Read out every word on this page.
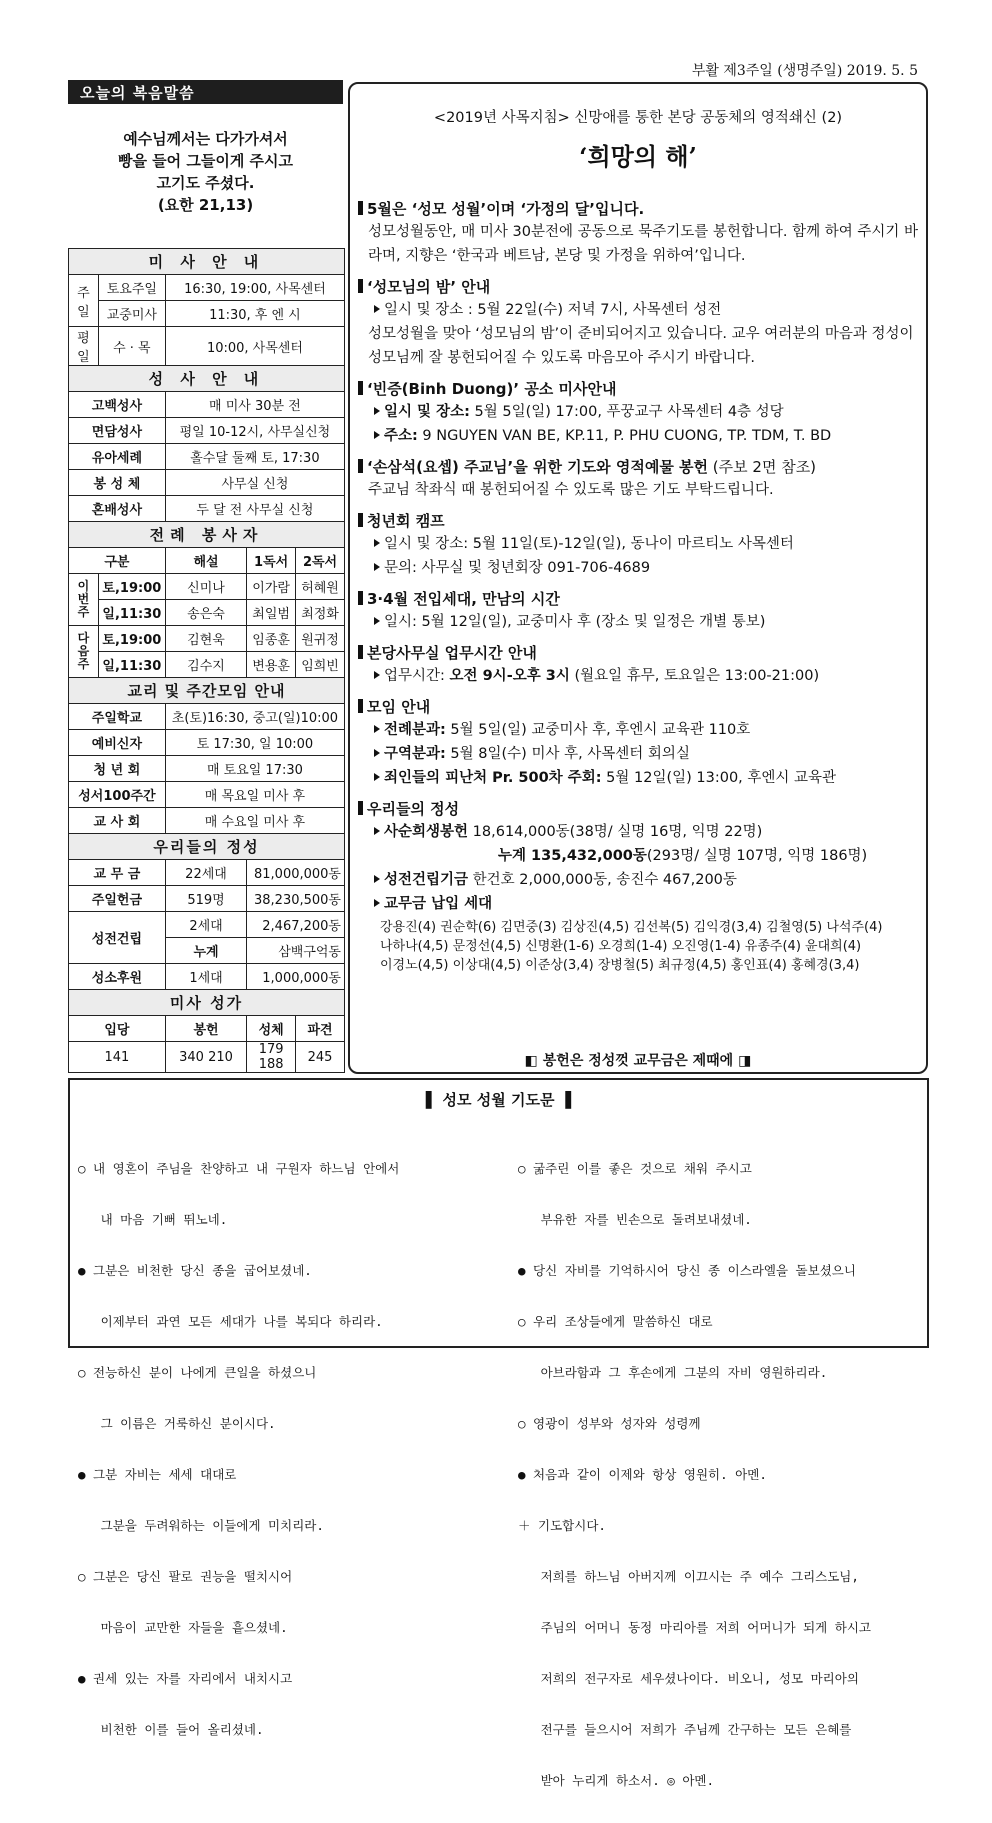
부활 제3주일 (생명주일) 2019. 5. 5
오늘의 복음말씀
예수님께서는 다가가셔서
빵을 들어 그들이게 주시고
고기도 주셨다.
(요한 21,13)
미 사 안 내				
주일	토요주일	16:30, 19:00, 사목센터		
	교중미사	11:30, 후 엔 시		
평일	수 · 목	10:00, 사목센터		
성 사 안 내				
고백성사		매 미사 30분 전		
면담성사		평일 10-12시, 사무실신청		
유아세례		홀수달 둘째 토, 17:30		
봉 성 체		사무실 신청		
혼배성사		두 달 전 사무실 신청		
전례 봉사자				
구분		해설	1독서	2독서
이번주	토,19:00	신미나	이가람	허혜원
	일,11:30	송은숙	최일범	최정화
다음주	토,19:00	김현욱	임종훈	원귀정
	일,11:30	김수지	변용훈	임희빈
교리 및 주간모임 안내				
주일학교		초(토)16:30, 중고(일)10:00		
예비신자		토 17:30, 일 10:00		
청 년 회		매 토요일 17:30		
성서100주간		매 목요일 미사 후		
교 사 회		매 수요일 미사 후		
우리들의 정성				
교 무 금		22세대	81,000,000동	
주일헌금		519명	38,230,500동	
성전건립		2세대	2,467,200동	
		누계	삼백구억동	
성소후원		1세대	1,000,000동	
미사 성가				
입당		봉헌	성체	파견
141		340 210	179 188	245
<2019년 사목지침> 신망애를 통한 본당 공동체의 영적쇄신 (2)
‘희망의 해’
5월은 ‘성모 성월’이며 ‘가정의 달’입니다.
성모성월동안, 매 미사 30분전에 공동으로 묵주기도를 봉헌합니다. 함께 하여 주시기 바라며, 지향은 ‘한국과 베트남, 본당 및 가정을 위하여’입니다.
‘성모님의 밤’ 안내
일시 및 장소 : 5월 22일(수) 저녁 7시, 사목센터 성전
성모성월을 맞아 ‘성모님의 밤’이 준비되어지고 있습니다. 교우 여러분의 마음과 정성이 성모님께 잘 봉헌되어질 수 있도록 마음모아 주시기 바랍니다.
‘빈증(Binh Duong)’ 공소 미사안내
일시 및 장소: 5월 5일(일) 17:00, 푸꿍교구 사목센터 4층 성당
주소: 9 NGUYEN VAN BE, KP.11, P. PHU CUONG, TP. TDM, T. BD
‘손삼석(요셉) 주교님’을 위한 기도와 영적예물 봉헌 (주보 2면 참조)
주교님 착좌식 때 봉헌되어질 수 있도록 많은 기도 부탁드립니다.
청년회 캠프
일시 및 장소: 5월 11일(토)-12일(일), 동나이 마르티노 사목센터
문의: 사무실 및 청년회장 091-706-4689
3·4월 전입세대, 만남의 시간
일시: 5월 12일(일), 교중미사 후 (장소 및 일정은 개별 통보)
본당사무실 업무시간 안내
업무시간: 오전 9시-오후 3시 (월요일 휴무, 토요일은 13:00-21:00)
모임 안내
전례분과: 5월 5일(일) 교중미사 후, 후엔시 교육관 110호
구역분과: 5월 8일(수) 미사 후, 사목센터 회의실
죄인들의 피난처 Pr. 500차 주회: 5월 12일(일) 13:00, 후엔시 교육관
우리들의 정성
사순희생봉헌 18,614,000동(38명/ 실명 16명, 익명 22명)
누계 135,432,000동(293명/ 실명 107명, 익명 186명)
성전건립기금 한건호 2,000,000동, 송진수 467,200동
교무금 납입 세대
강용진(4) 권순학(6) 김면중(3) 김상진(4,5) 김선복(5) 김익경(3,4) 김철영(5) 나석주(4)
나하나(4,5) 문정선(4,5) 신명환(1-6) 오경희(1-4) 오진영(1-4) 유종주(4) 윤대희(4)
이경노(4,5) 이상대(4,5) 이준상(3,4) 장병철(5) 최규정(4,5) 홍인표(4) 홍혜경(3,4)
◧ 봉헌은 정성껏 교무금은 제때에 ◨
▌ 성모 성월 기도문 ▐

○ 내 영혼이 주님을 찬양하고 내 구원자 하느님 안에서

내 마음 기뻐 뛰노네.

● 그분은 비천한 당신 종을 굽어보셨네.

이제부터 과연 모든 세대가 나를 복되다 하리라.

○ 전능하신 분이 나에게 큰일을 하셨으니

그 이름은 거룩하신 분이시다.

● 그분 자비는 세세 대대로

그분을 두려워하는 이들에게 미치리라.

○ 그분은 당신 팔로 권능을 떨치시어

마음이 교만한 자들을 흩으셨네.

● 권세 있는 자를 자리에서 내치시고

비천한 이를 들어 올리셨네.

○ 굶주린 이를 좋은 것으로 채워 주시고

부유한 자를 빈손으로 돌려보내셨네.

● 당신 자비를 기억하시어 당신 종 이스라엘을 돌보셨으니

○ 우리 조상들에게 말씀하신 대로

아브라함과 그 후손에게 그분의 자비 영원하리라.

○ 영광이 성부와 성자와 성령께

● 처음과 같이 이제와 항상 영원히. 아멘.

＋ 기도합시다.

저희를 하느님 아버지께 이끄시는 주 예수 그리스도님,

주님의 어머니 동정 마리아를 저희 어머니가 되게 하시고

저희의 전구자로 세우셨나이다. 비오니, 성모 마리아의

전구를 들으시어 저희가 주님께 간구하는 모든 은혜를

받아 누리게 하소서. ◎ 아멘.
